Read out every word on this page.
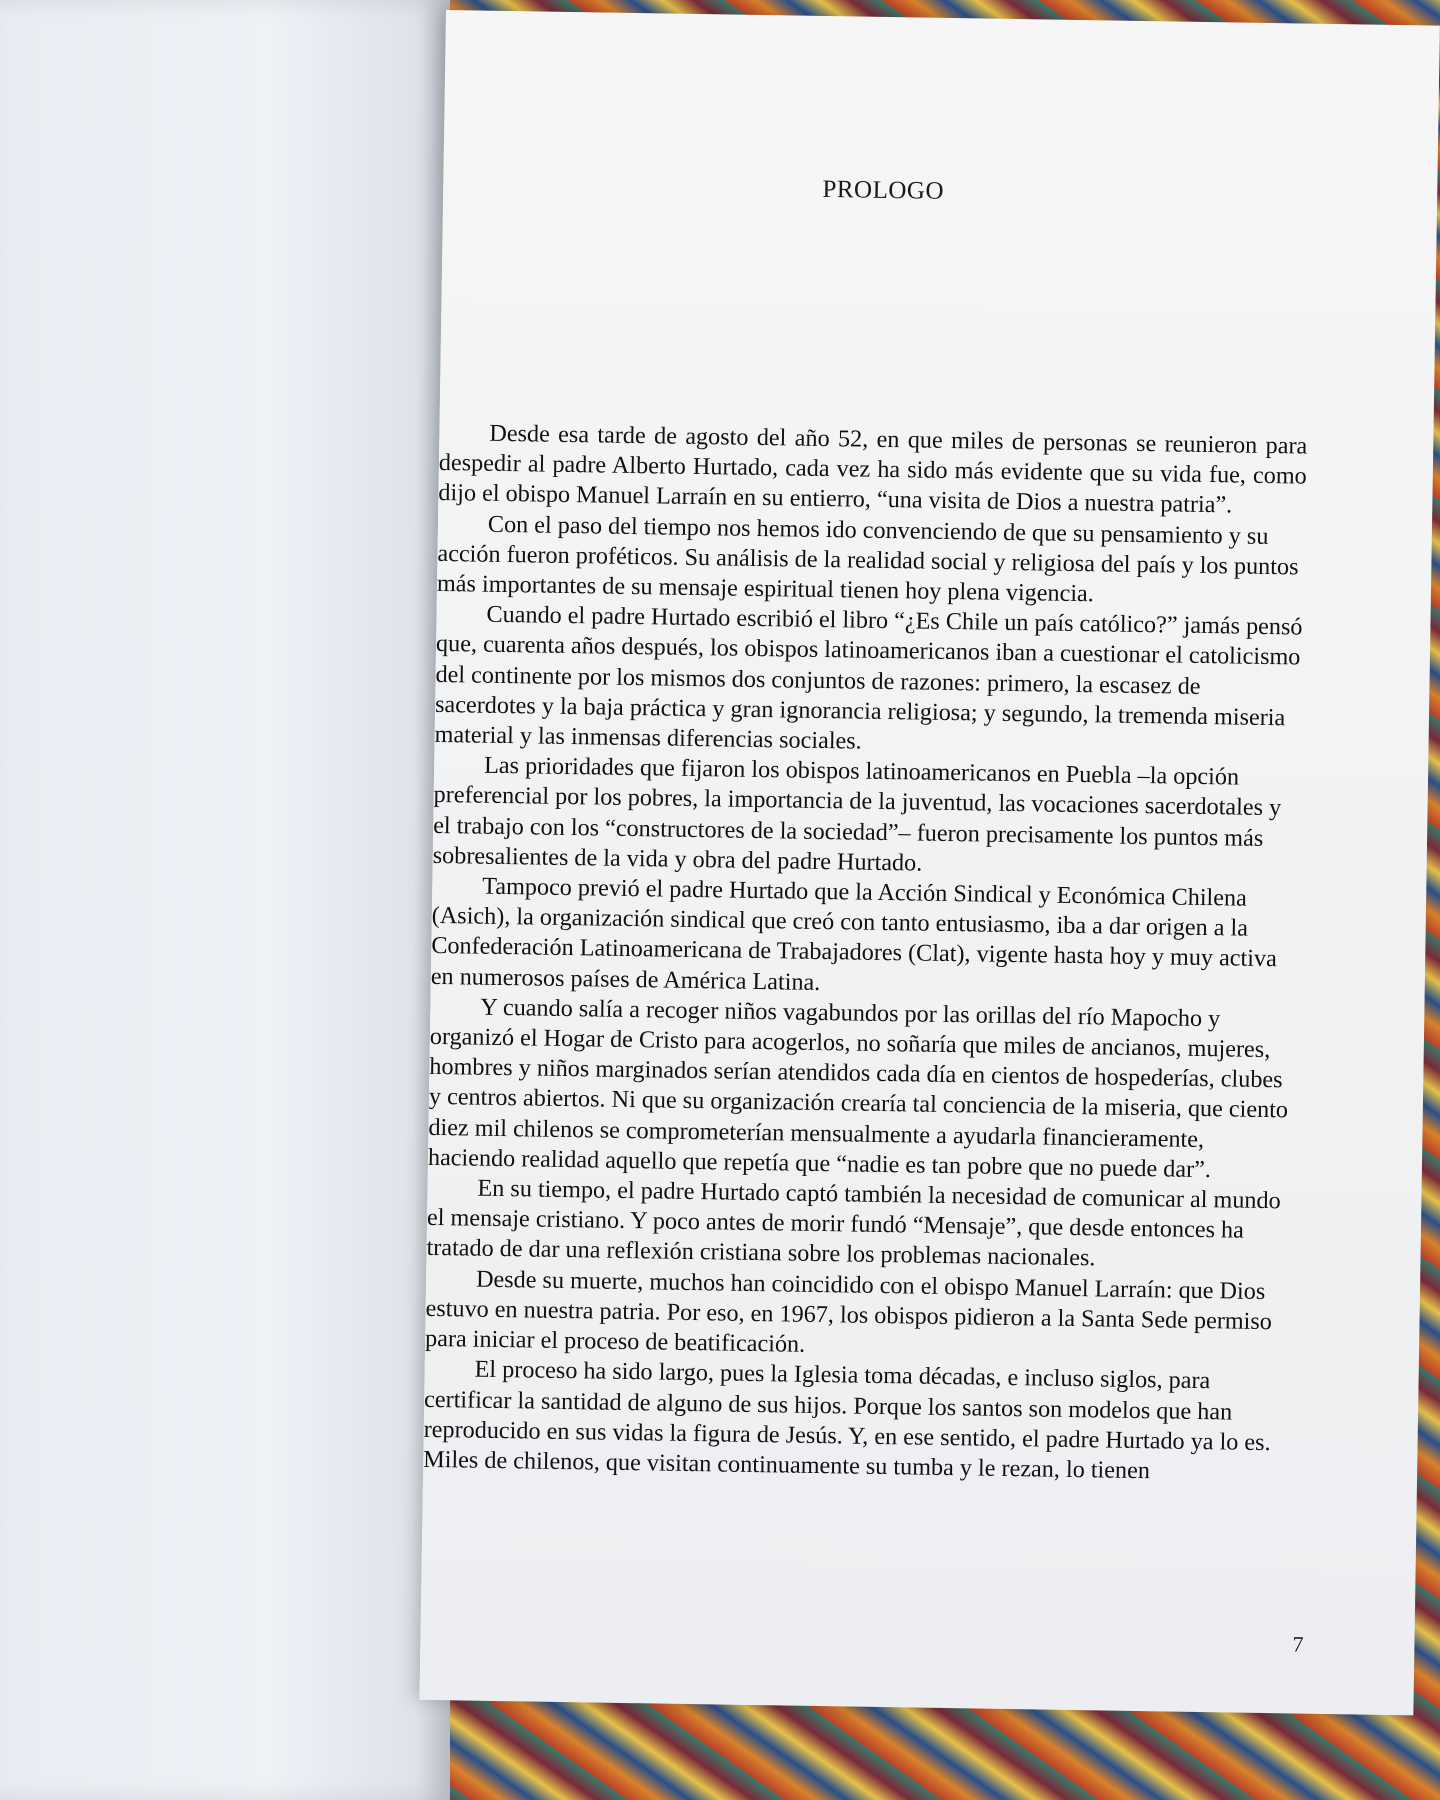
PROLOGO

Desde esa tarde de agosto del año 52, en que miles de personas se reunieron para despedir al padre Alberto Hurtado, cada vez ha sido más evidente que su vida fue, como dijo el obispo Manuel Larraín en su entierro, “una visita de Dios a nuestra patria”.

Con el paso del tiempo nos hemos ido convenciendo de que su pensamiento y su acción fueron proféticos. Su análisis de la realidad social y religiosa del país y los puntos más importantes de su mensaje espiritual tienen hoy plena vigencia.

Cuando el padre Hurtado escribió el libro “¿Es Chile un país católico?” jamás pensó que, cuarenta años después, los obispos latinoamericanos iban a cuestionar el catolicismo del continente por los mismos dos conjuntos de razones: primero, la escasez de sacerdotes y la baja práctica y gran ignorancia religiosa; y segundo, la tremenda miseria material y las inmensas diferencias sociales.

Las prioridades que fijaron los obispos latinoamericanos en Puebla –la opción preferencial por los pobres, la importancia de la juventud, las vocaciones sacerdotales y el trabajo con los “constructores de la sociedad”– fueron precisamente los puntos más sobresalientes de la vida y obra del padre Hurtado.

Tampoco previó el padre Hurtado que la Acción Sindical y Económica Chilena (Asich), la organización sindical que creó con tanto entusiasmo, iba a dar origen a la Confederación Latinoamericana de Trabajadores (Clat), vigente hasta hoy y muy activa en numerosos países de América Latina.

Y cuando salía a recoger niños vagabundos por las orillas del río Mapocho y organizó el Hogar de Cristo para acogerlos, no soñaría que miles de ancianos, mujeres, hombres y niños marginados serían atendidos cada día en cientos de hospederías, clubes y centros abiertos. Ni que su organización crearía tal conciencia de la miseria, que ciento diez mil chilenos se comprometerían mensualmente a ayudarla financieramente, haciendo realidad aquello que repetía que “nadie es tan pobre que no puede dar”.

En su tiempo, el padre Hurtado captó también la necesidad de comunicar al mundo el mensaje cristiano. Y poco antes de morir fundó “Mensaje”, que desde entonces ha tratado de dar una reflexión cristiana sobre los problemas nacionales.

Desde su muerte, muchos han coincidido con el obispo Manuel Larraín: que Dios estuvo en nuestra patria. Por eso, en 1967, los obispos pidieron a la Santa Sede permiso para iniciar el proceso de beatificación.

El proceso ha sido largo, pues la Iglesia toma décadas, e incluso siglos, para certificar la santidad de alguno de sus hijos. Porque los santos son modelos que han reproducido en sus vidas la figura de Jesús. Y, en ese sentido, el padre Hurtado ya lo es. Miles de chilenos, que visitan continuamente su tumba y le rezan, lo tienen

7
